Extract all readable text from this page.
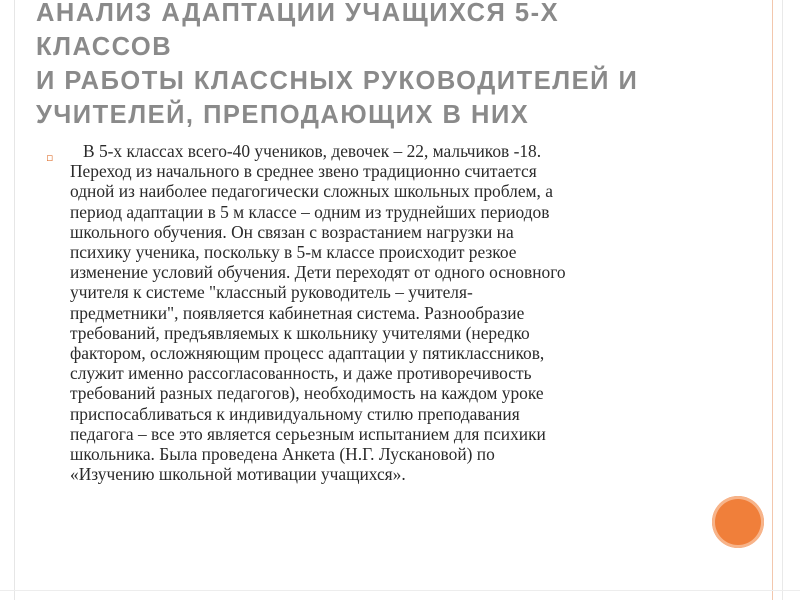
АНАЛИЗ АДАПТАЦИИ УЧАЩИХСЯ 5-Х
КЛАССОВ
И РАБОТЫ КЛАССНЫХ РУКОВОДИТЕЛЕЙ И
УЧИТЕЛЕЙ, ПРЕПОДАЮЩИХ В НИХ
▫	В 5-х классах всего-40 учеников, девочек – 22, мальчиков -18.
Переход из начального в среднее звено традиционно считается
одной из наиболее педагогически сложных школьных проблем, а
период адаптации в 5 м классе – одним из труднейших периодов
школьного обучения. Он связан с возрастанием нагрузки на
психику ученика, поскольку в 5-м классе происходит резкое
изменение условий обучения. Дети переходят от одного основного
учителя к системе "классный руководитель – учителя-
предметники", появляется кабинетная система. Разнообразие
требований, предъявляемых к школьнику учителями (нередко
фактором, осложняющим процесс адаптации у пятиклассников,
служит именно рассогласованность, и даже противоречивость
требований разных педагогов), необходимость на каждом уроке
приспосабливаться к индивидуальному стилю преподавания
педагога – все это является серьезным испытанием для психики
школьника. Была проведена Анкета (Н.Г. Лускановой) по
«Изучению школьной мотивации учащихся».
